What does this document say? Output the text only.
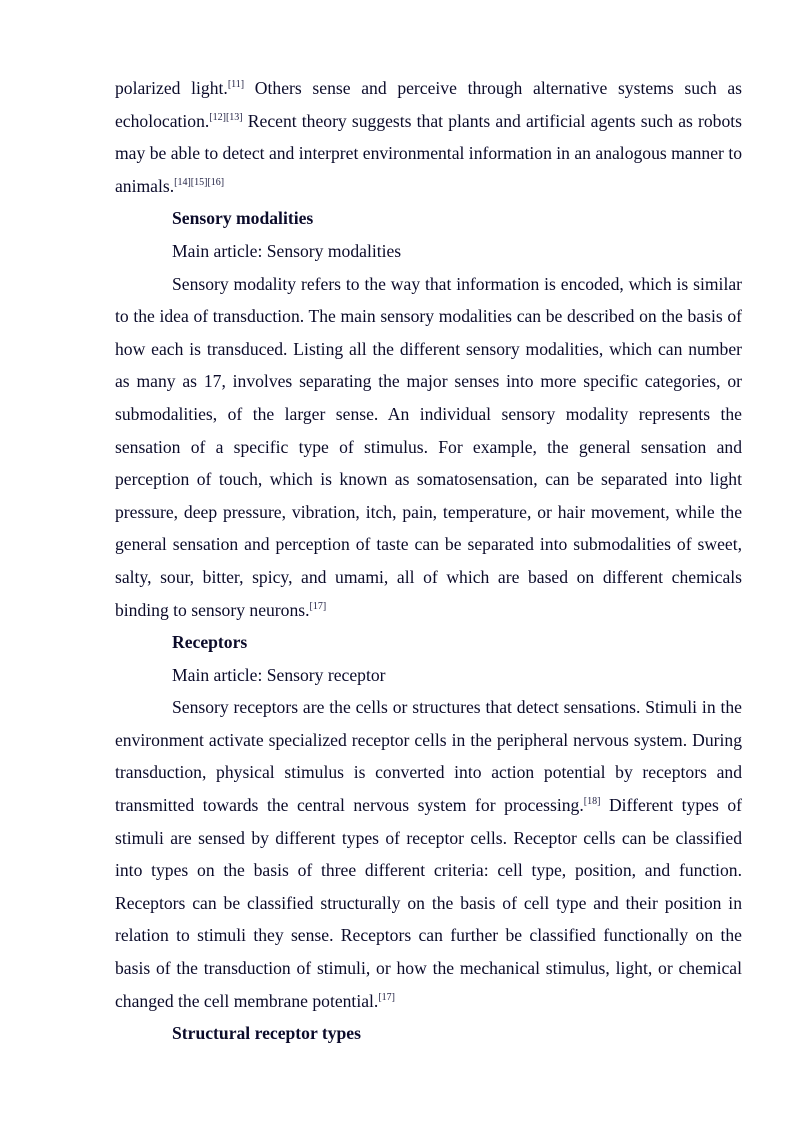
polarized light.[11] Others sense and perceive through alternative systems such as echolocation.[12][13] Recent theory suggests that plants and artificial agents such as robots may be able to detect and interpret environmental information in an analogous manner to animals.[14][15][16]

Sensory modalities

Main article: Sensory modalities

Sensory modality refers to the way that information is encoded, which is similar to the idea of transduction. The main sensory modalities can be described on the basis of how each is transduced. Listing all the different sensory modalities, which can number as many as 17, involves separating the major senses into more specific categories, or submodalities, of the larger sense. An individual sensory modality represents the sensation of a specific type of stimulus. For example, the general sensation and perception of touch, which is known as somatosensation, can be separated into light pressure, deep pressure, vibration, itch, pain, temperature, or hair movement, while the general sensation and perception of taste can be separated into submodalities of sweet, salty, sour, bitter, spicy, and umami, all of which are based on different chemicals binding to sensory neurons.[17]

Receptors

Main article: Sensory receptor

Sensory receptors are the cells or structures that detect sensations. Stimuli in the environment activate specialized receptor cells in the peripheral nervous system. During transduction, physical stimulus is converted into action potential by receptors and transmitted towards the central nervous system for processing.[18] Different types of stimuli are sensed by different types of receptor cells. Receptor cells can be classified into types on the basis of three different criteria: cell type, position, and function. Receptors can be classified structurally on the basis of cell type and their position in relation to stimuli they sense. Receptors can further be classified functionally on the basis of the transduction of stimuli, or how the mechanical stimulus, light, or chemical changed the cell membrane potential.[17]

Structural receptor types
